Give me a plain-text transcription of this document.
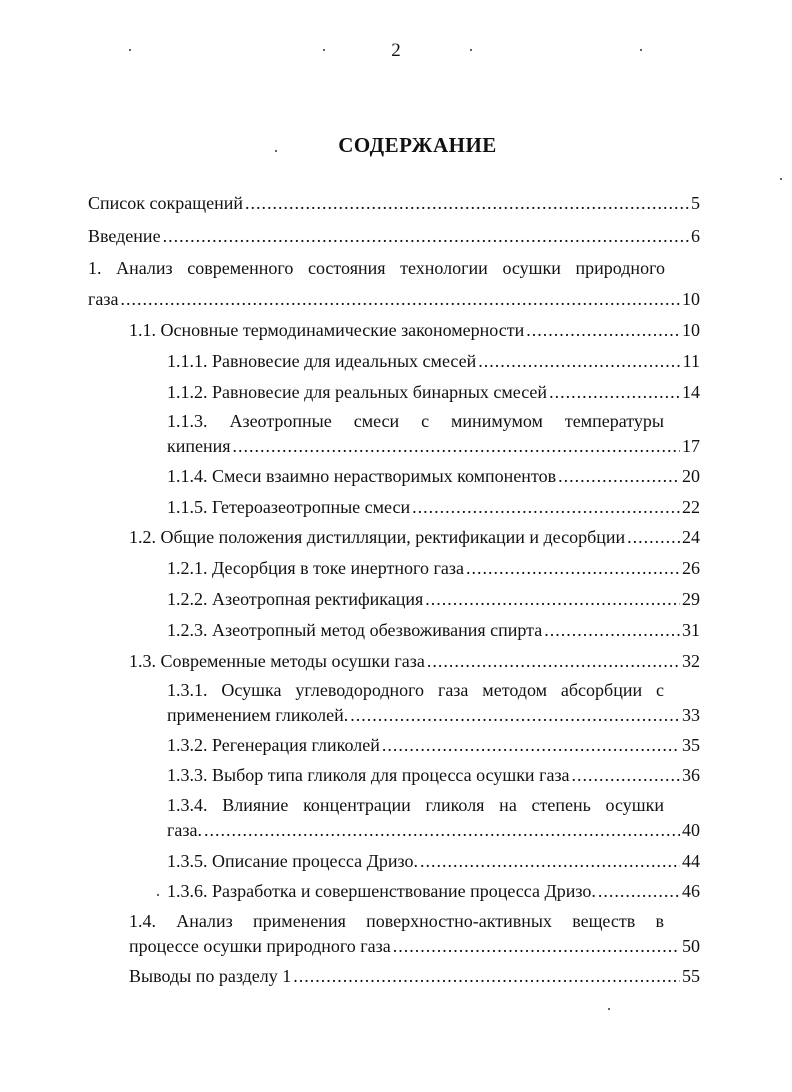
2
СОДЕРЖАНИЕ
Список сокращений .....	5
Введение .....	6
1. Анализ современного состояния технологии осушки природного
газа .....	10
1.1. Основные термодинамические закономерности .....	10
1.1.1. Равновесие для идеальных смесей .....	11
1.1.2. Равновесие для реальных бинарных смесей .....	14
1.1.3. Азеотропные смеси с минимумом температуры
кипения .....	17
1.1.4. Смеси взаимно нерастворимых компонентов .....	20
1.1.5. Гетероазеотропные смеси .....	22
1.2. Общие положения дистилляции, ректификации и десорбции .....	24
1.2.1. Десорбция в токе инертного газа .....	26
1.2.2. Азеотропная ректификация .....	29
1.2.3. Азеотропный метод обезвоживания спирта .....	31
1.3. Современные методы осушки газа .....	32
1.3.1. Осушка углеводородного газа методом абсорбции с
применением гликолей. .....	33
1.3.2. Регенерация гликолей .....	35
1.3.3. Выбор типа гликоля для процесса осушки газа .....	36
1.3.4. Влияние концентрации гликоля на степень осушки
газа. .....	40
1.3.5. Описание процесса Дризо. .....	44
1.3.6. Разработка и совершенствование процесса Дризо. .....	46
1.4. Анализ применения поверхностно-активных веществ в
процессе осушки природного газа .....	50
Выводы по разделу 1 .....	55
